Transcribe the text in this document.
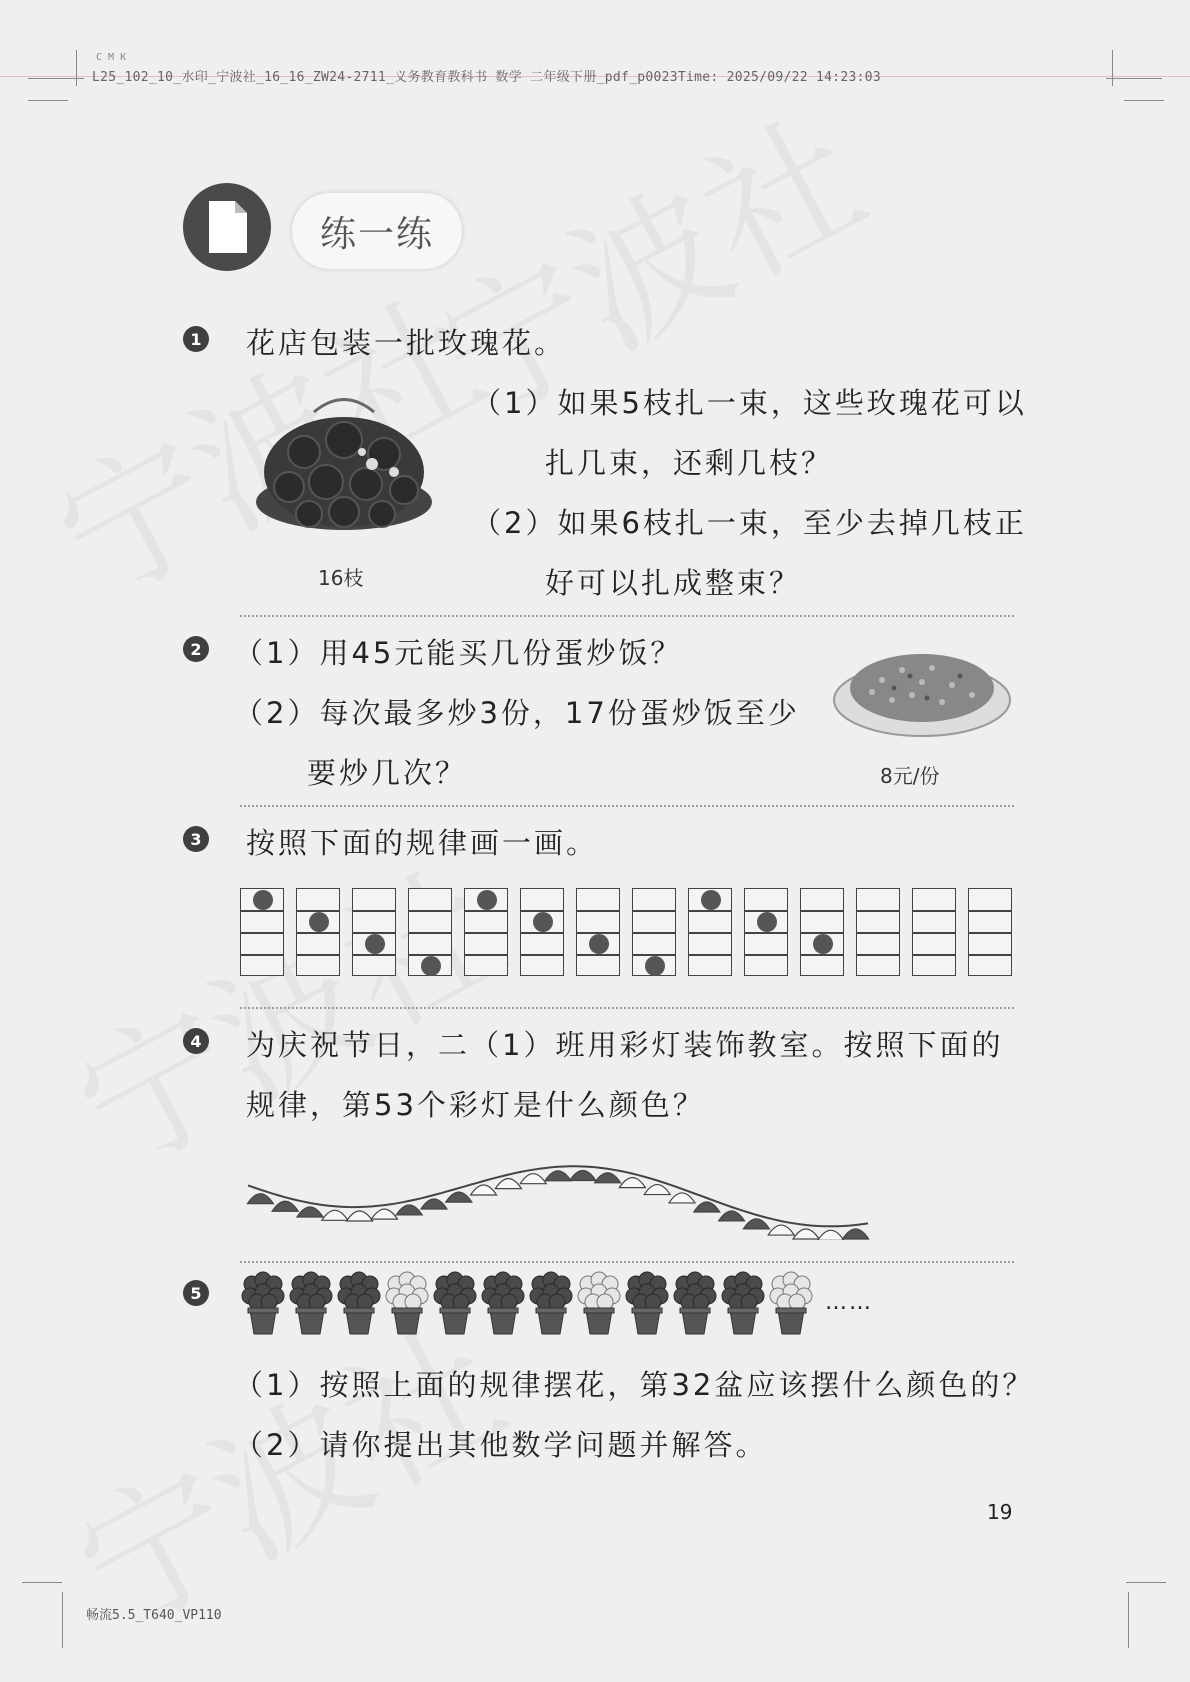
C M K
L25_102_10_水印_宁波社_16_16_ZW24-2711_义务教育教科书 数学 二年级下册_pdf_p0023Time: 2025/09/22 14:23:03
畅流5.5_T640_VP110
练一练
1 花店包装一批玫瑰花。
16枝
（1）如果5枝扎一束，这些玫瑰花可以
扎几束，还剩几枝？
（2）如果6枝扎一束，至少去掉几枝正
好可以扎成整束？
2 （1）用45元能买几份蛋炒饭？
（2）每次最多炒3份，17份蛋炒饭至少
要炒几次？	8元/份
3 按照下面的规律画一画。
4 为庆祝节日，二（1）班用彩灯装饰教室。按照下面的
规律，第53个彩灯是什么颜色？
5	……
（1）按照上面的规律摆花，第32盆应该摆什么颜色的？
（2）请你提出其他数学问题并解答。
19
